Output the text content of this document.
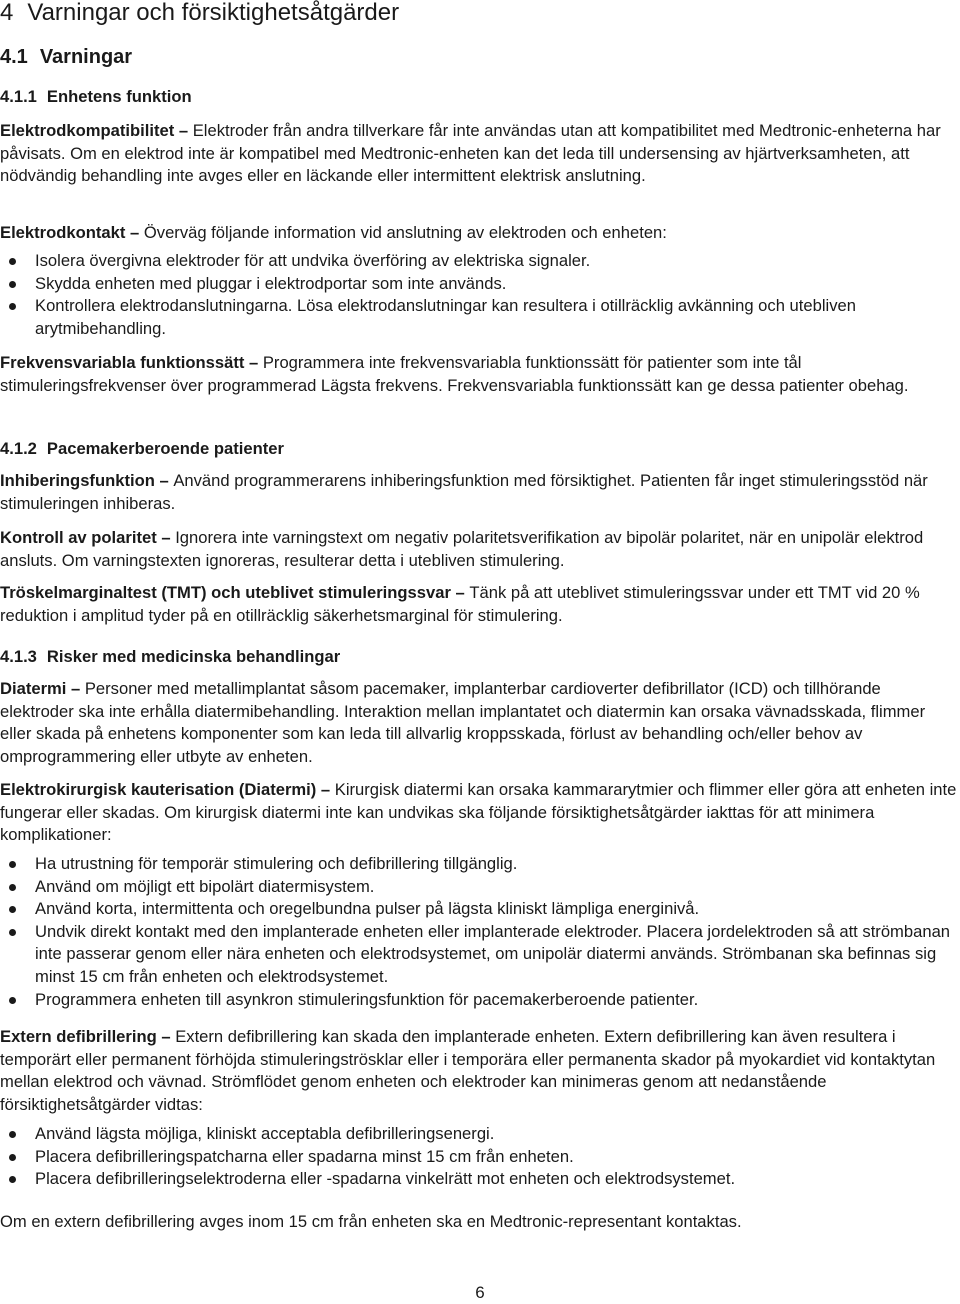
4 Varningar och försiktighetsåtgärder
4.1 Varningar
4.1.1 Enhetens funktion

Elektrodkompatibilitet – Elektroder från andra tillverkare får inte användas utan att kompatibilitet med Medtronic-enheterna har påvisats. Om en elektrod inte är kompatibel med Medtronic-enheten kan det leda till undersensing av hjärtverksamheten, att nödvändig behandling inte avges eller en läckande eller intermittent elektrisk anslutning.

Elektrodkontakt – Överväg följande information vid anslutning av elektroden och enheten:

Isolera övergivna elektroder för att undvika överföring av elektriska signaler.
Skydda enheten med pluggar i elektrodportar som inte används.
Kontrollera elektrodanslutningarna. Lösa elektrodanslutningar kan resultera i otillräcklig avkänning och utebliven arytmibehandling.

Frekvensvariabla funktionssätt – Programmera inte frekvensvariabla funktionssätt för patienter som inte tål stimuleringsfrekvenser över programmerad Lägsta frekvens. Frekvensvariabla funktionssätt kan ge dessa patienter obehag.

4.1.2 Pacemakerberoende patienter

Inhiberingsfunktion – Använd programmerarens inhiberingsfunktion med försiktighet. Patienten får inget stimuleringsstöd när stimuleringen inhiberas.

Kontroll av polaritet – Ignorera inte varningstext om negativ polaritetsverifikation av bipolär polaritet, när en unipolär elektrod ansluts. Om varningstexten ignoreras, resulterar detta i utebliven stimulering.

Tröskelmarginaltest (TMT) och uteblivet stimuleringssvar – Tänk på att uteblivet stimuleringssvar under ett TMT vid 20 % reduktion i amplitud tyder på en otillräcklig säkerhetsmarginal för stimulering.

4.1.3 Risker med medicinska behandlingar

Diatermi – Personer med metallimplantat såsom pacemaker, implanterbar cardioverter defibrillator (ICD) och tillhörande elektroder ska inte erhålla diatermibehandling. Interaktion mellan implantatet och diatermin kan orsaka vävnadsskada, flimmer eller skada på enhetens komponenter som kan leda till allvarlig kroppsskada, förlust av behandling och/eller behov av omprogrammering eller utbyte av enheten.

Elektrokirurgisk kauterisation (Diatermi) – Kirurgisk diatermi kan orsaka kammararytmier och flimmer eller göra att enheten inte fungerar eller skadas. Om kirurgisk diatermi inte kan undvikas ska följande försiktighetsåtgärder iakttas för att minimera komplikationer:

Ha utrustning för temporär stimulering och defibrillering tillgänglig.
Använd om möjligt ett bipolärt diatermisystem.
Använd korta, intermittenta och oregelbundna pulser på lägsta kliniskt lämpliga energinivå.
Undvik direkt kontakt med den implanterade enheten eller implanterade elektroder. Placera jordelektroden så att strömbanan inte passerar genom eller nära enheten och elektrodsystemet, om unipolär diatermi används. Strömbanan ska befinnas sig minst 15 cm från enheten och elektrodsystemet.
Programmera enheten till asynkron stimuleringsfunktion för pacemakerberoende patienter.

Extern defibrillering – Extern defibrillering kan skada den implanterade enheten. Extern defibrillering kan även resultera i temporärt eller permanent förhöjda stimuleringströsklar eller i temporära eller permanenta skador på myokardiet vid kontaktytan mellan elektrod och vävnad. Strömflödet genom enheten och elektroder kan minimeras genom att nedanstående försiktighetsåtgärder vidtas:

Använd lägsta möjliga, kliniskt acceptabla defibrilleringsenergi.
Placera defibrilleringspatcharna eller spadarna minst 15 cm från enheten.
Placera defibrilleringselektroderna eller -spadarna vinkelrätt mot enheten och elektrodsystemet.

Om en extern defibrillering avges inom 15 cm från enheten ska en Medtronic-representant kontaktas.

6
